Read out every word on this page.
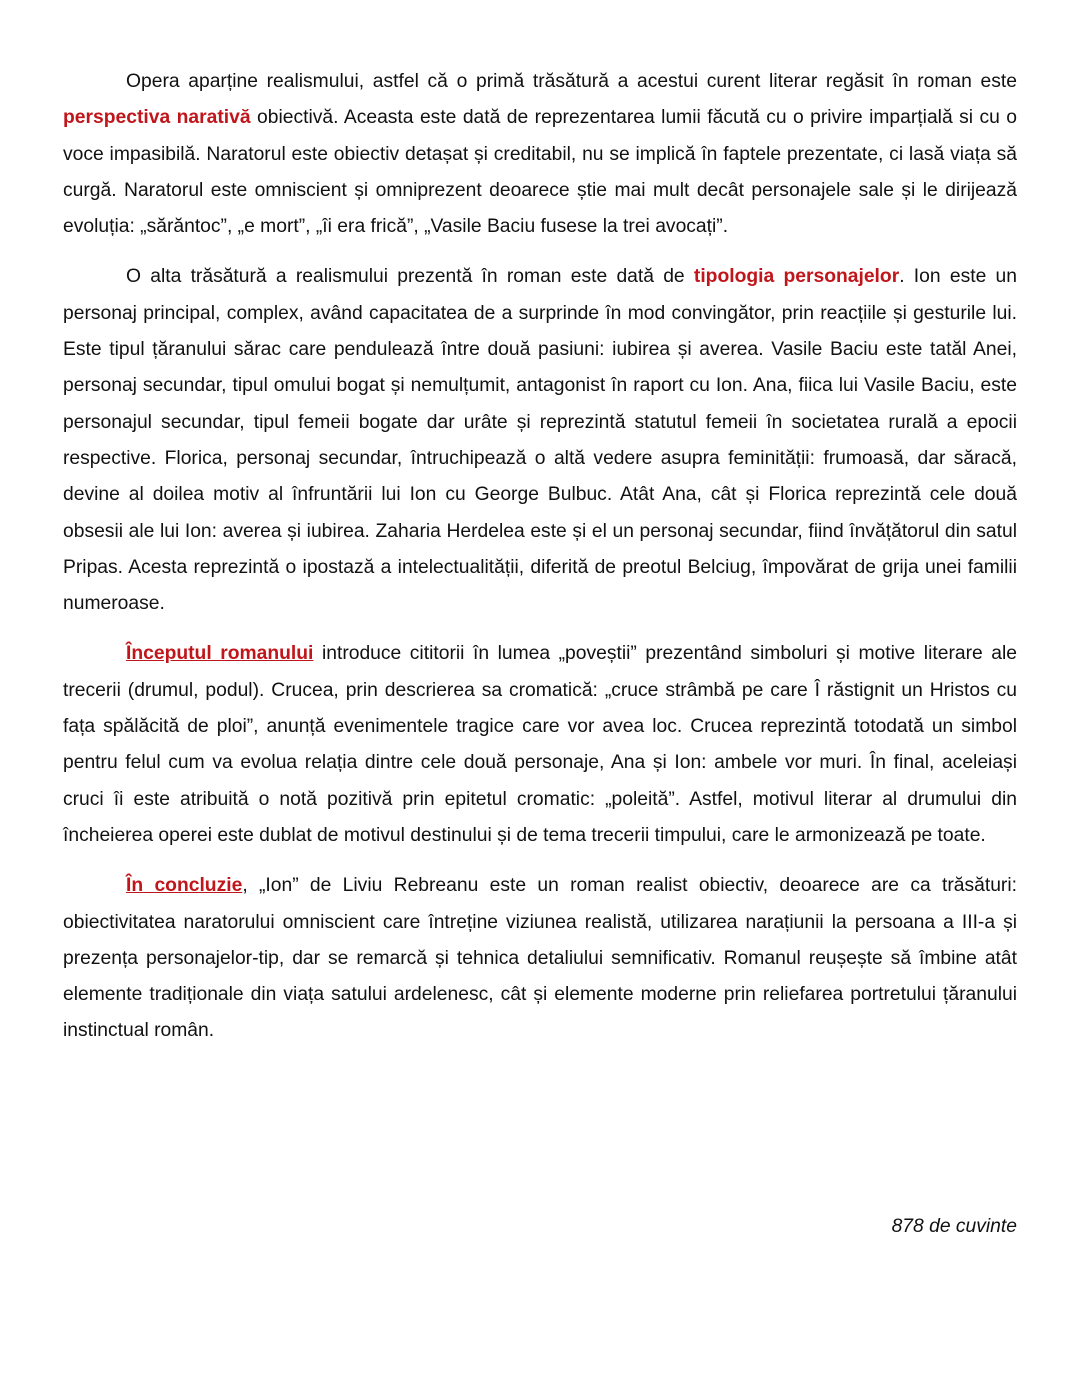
Opera aparține realismului, astfel că o primă trăsătură a acestui curent literar regăsit în roman este perspectiva narativă obiectivă. Aceasta este dată de reprezentarea lumii făcută cu o privire imparțială si cu o voce impasibilă. Naratorul este obiectiv detașat și creditabil, nu se implică în faptele prezentate, ci lasă viața să curgă. Naratorul este omniscient și omniprezent deoarece știe mai mult decât personajele sale și le dirijează evoluția: „sărăntoc”, „e mort”, „îi era frică”, „Vasile Baciu fusese la trei avocați”.

O alta trăsătură a realismului prezentă în roman este dată de tipologia personajelor. Ion este un personaj principal, complex, având capacitatea de a surprinde în mod convingător, prin reacțiile și gesturile lui. Este tipul țăranului sărac care pendulează între două pasiuni: iubirea și averea. Vasile Baciu este tatăl Anei, personaj secundar, tipul omului bogat și nemulțumit, antagonist în raport cu Ion. Ana, fiica lui Vasile Baciu, este personajul secundar, tipul femeii bogate dar urâte și reprezintă statutul femeii în societatea rurală a epocii respective. Florica, personaj secundar, întruchipează o altă vedere asupra feminității: frumoasă, dar săracă, devine al doilea motiv al înfruntării lui Ion cu George Bulbuc. Atât Ana, cât și Florica reprezintă cele două obsesii ale lui Ion: averea și iubirea. Zaharia Herdelea este și el un personaj secundar, fiind învățătorul din satul Pripas. Acesta reprezintă o ipostază a intelectualității, diferită de preotul Belciug, împovărat de grija unei familii numeroase.

Începutul romanului introduce cititorii în lumea „poveștii” prezentând simboluri și motive literare ale trecerii (drumul, podul). Crucea, prin descrierea sa cromatică: „cruce strâmbă pe care Î răstignit un Hristos cu fața spălăcită de ploi”, anunță evenimentele tragice care vor avea loc. Crucea reprezintă totodată un simbol pentru felul cum va evolua relația dintre cele două personaje, Ana și Ion: ambele vor muri. În final, aceleiași cruci îi este atribuită o notă pozitivă prin epitetul cromatic: „poleită”. Astfel, motivul literar al drumului din încheierea operei este dublat de motivul destinului și de tema trecerii timpului, care le armonizează pe toate.

În concluzie, „Ion” de Liviu Rebreanu este un roman realist obiectiv, deoarece are ca trăsături: obiectivitatea naratorului omniscient care întreține viziunea realistă, utilizarea narațiunii la persoana a III-a și prezența personajelor-tip, dar se remarcă și tehnica detaliului semnificativ. Romanul reușește să îmbine atât elemente tradiționale din viața satului ardelenesc, cât și elemente moderne prin reliefarea portretului țăranului instinctual român.

878 de cuvinte
